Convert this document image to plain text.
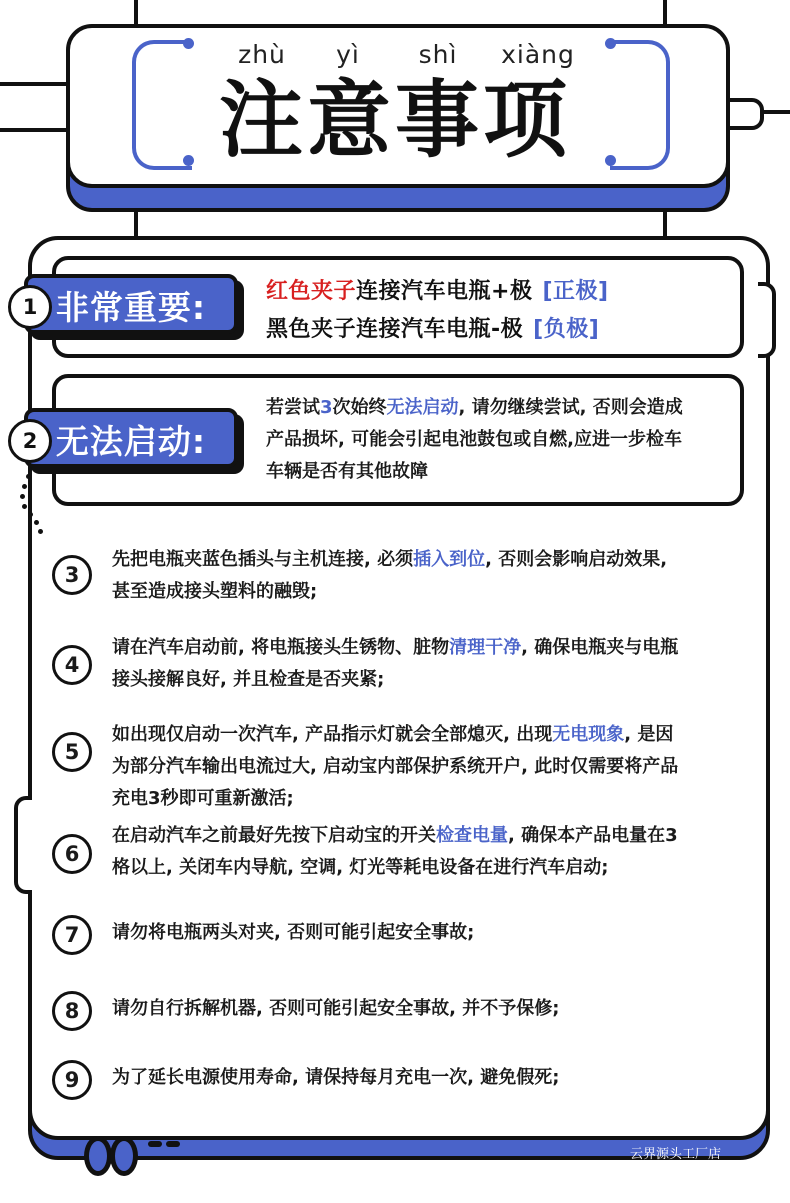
zhù	yì	shì	xiàng
注意事项
非常重要:
1
红色夹子连接汽车电瓶+极 [正极]
黑色夹子连接汽车电瓶-极 [负极]
无法启动:
2
若尝试3次始终无法启动, 请勿继续尝试, 否则会造成
产品损坏, 可能会引起电池鼓包或自燃,应进一步检车
车辆是否有其他故障
3
先把电瓶夹蓝色插头与主机连接, 必须插入到位, 否则会影响启动效果,
甚至造成接头塑料的融毁;
4
请在汽车启动前, 将电瓶接头生锈物、脏物清理干净, 确保电瓶夹与电瓶
接头接解良好, 并且检查是否夹紧;
5
如出现仅启动一次汽车, 产品指示灯就会全部熄灭, 出现无电现象, 是因
为部分汽车输出电流过大, 启动宝内部保护系统开户, 此时仅需要将产品
充电3秒即可重新激活;
6
在启动汽车之前最好先按下启动宝的开关检查电量, 确保本产品电量在3
格以上, 关闭车内导航, 空调, 灯光等耗电设备在进行汽车启动;
7	请勿将电瓶两头对夹, 否则可能引起安全事故;
8	请勿自行拆解机器, 否则可能引起安全事故, 并不予保修;
9	为了延长电源使用寿命, 请保持每月充电一次, 避免假死;
云界源头工厂店
